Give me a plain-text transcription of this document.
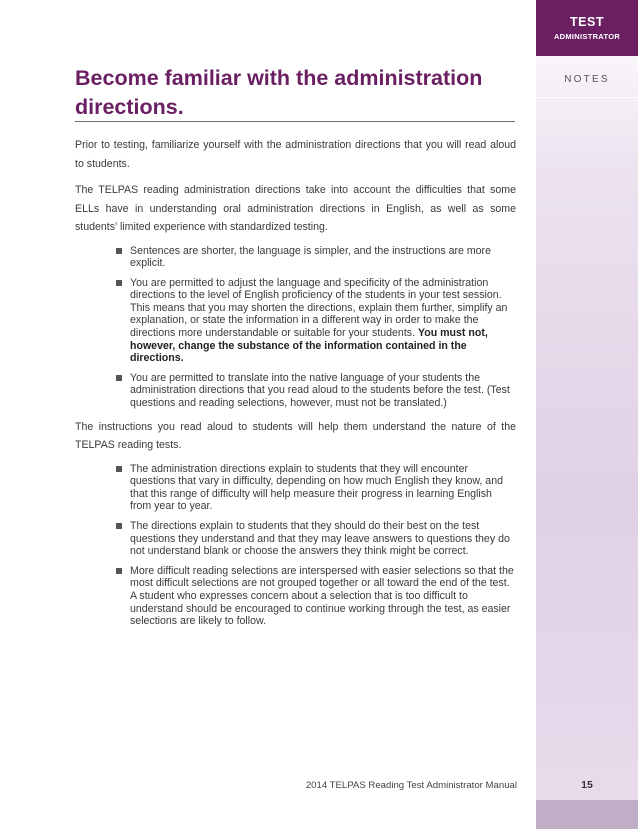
TEST
ADMINISTRATOR
NOTES
Become familiar with the administration directions.

Prior to testing, familiarize yourself with the administration directions that you will read aloud to students.

The TELPAS reading administration directions take into account the difficulties that some ELLs have in understanding oral administration directions in English, as well as some students’ limited experience with standardized testing.

Sentences are shorter, the language is simpler, and the instructions are more explicit.
You are permitted to adjust the language and specificity of the administration directions to the level of English proficiency of the students in your test session. This means that you may shorten the directions, explain them further, simplify an explanation, or state the information in a different way in order to make the directions more understandable or suitable for your students. You must not, however, change the substance of the information contained in the directions.
You are permitted to translate into the native language of your students the administration directions that you read aloud to the students before the test. (Test questions and reading selections, however, must not be translated.)

The instructions you read aloud to students will help them understand the nature of the TELPAS reading tests.

The administration directions explain to students that they will encounter questions that vary in difficulty, depending on how much English they know, and that this range of difficulty will help measure their progress in learning English from year to year.
The directions explain to students that they should do their best on the test questions they understand and that they may leave answers to questions they do not understand blank or choose the answers they think might be correct.
More difficult reading selections are interspersed with easier selections so that the most difficult selections are not grouped together or all toward the end of the test. A student who expresses concern about a selection that is too difficult to understand should be encouraged to continue working through the test, as easier selections are likely to follow.
2014 TELPAS Reading Test Administrator Manual	15
